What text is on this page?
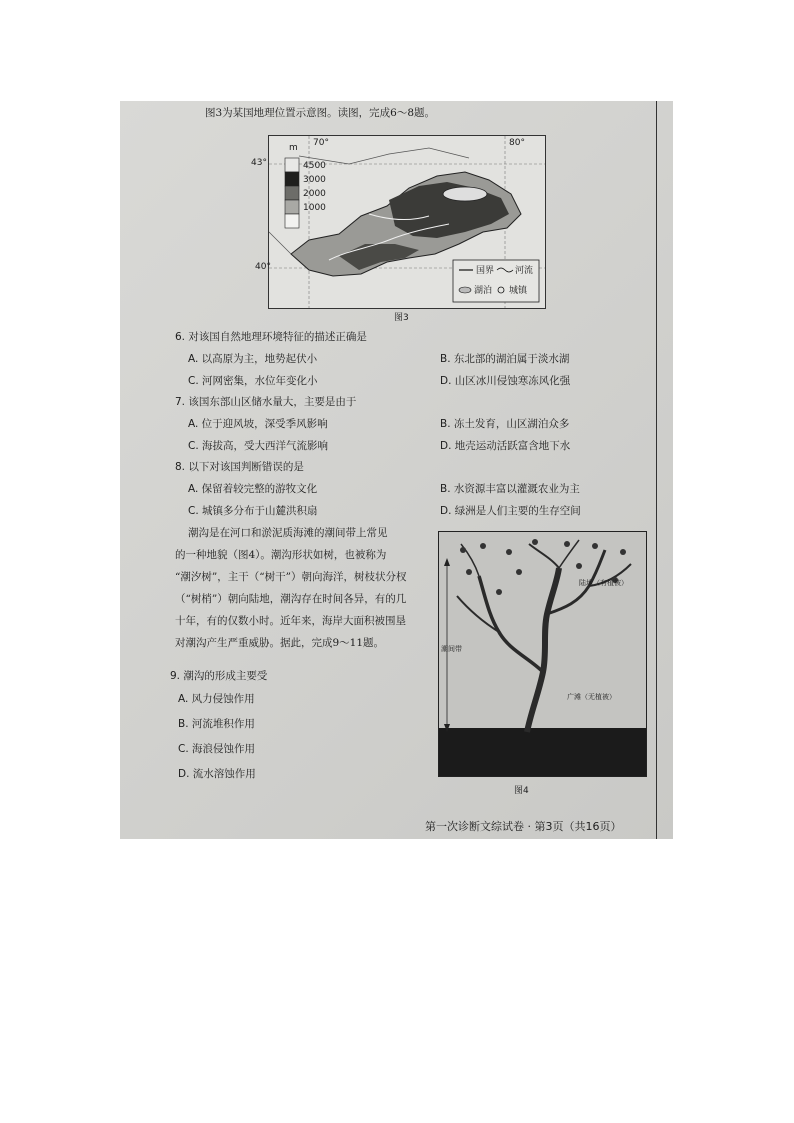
图3为某国地理位置示意图。读图，完成6～8题。
m
43°
40°
70°	80°
4500
3000
2000
1000
国界 河流
湖泊 城镇
图3
6. 对该国自然地理环境特征的描述正确是
A. 以高原为主，地势起伏小	B. 东北部的湖泊属于淡水湖
C. 河网密集，水位年变化小	D. 山区冰川侵蚀寒冻风化强
7. 该国东部山区储水量大，主要是由于
A. 位于迎风坡，深受季风影响	B. 冻土发育，山区湖泊众多
C. 海拔高，受大西洋气流影响	D. 地壳运动活跃富含地下水
8. 以下对该国判断错误的是
A. 保留着较完整的游牧文化	B. 水资源丰富以灌溉农业为主
C. 城镇多分布于山麓洪积扇	D. 绿洲是人们主要的生存空间
潮沟是在河口和淤泥质海滩的潮间带上常见
的一种地貌（图4）。潮沟形状如树，也被称为
“潮汐树”，主干（“树干”）朝向海洋，树枝状分杈
（“树梢”）朝向陆地，潮沟存在时间各异，有的几
十年，有的仅数小时。近年来，海岸大面积被围垦
对潮沟产生严重威胁。据此，完成9～11题。
9. 潮沟的形成主要受
A. 风力侵蚀作用
B. 河流堆积作用
C. 海浪侵蚀作用
D. 流水溶蚀作用
陆地（有植被）
广滩（无植被）
潮间带
图4
第一次诊断文综试卷 · 第3页（共16页）
